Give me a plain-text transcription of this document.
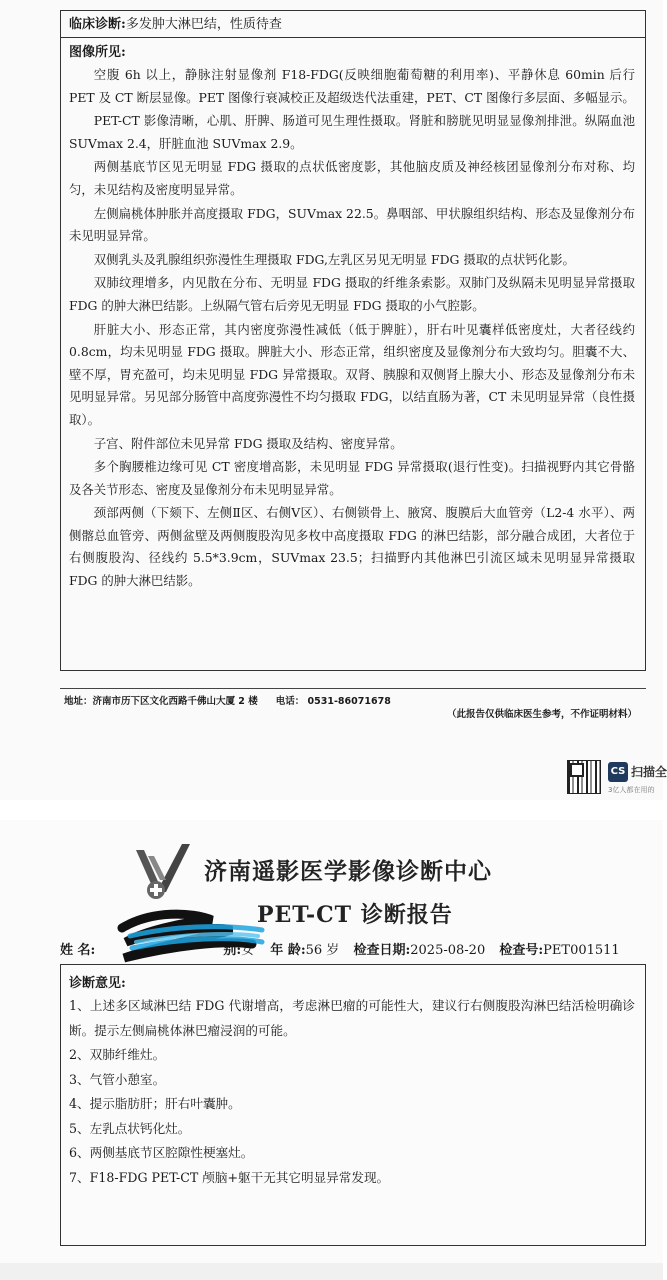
临床诊断:多发肿大淋巴结，性质待查
图像所见:

空腹 6h 以上，静脉注射显像剂 F18-FDG(反映细胞葡萄糖的利用率)、平静休息 60min 后行 PET 及 CT 断层显像。PET 图像行衰减校正及超级迭代法重建，PET、CT 图像行多层面、多幅显示。

PET-CT 影像清晰，心肌、肝脾、肠道可见生理性摄取。肾脏和膀胱见明显显像剂排泄。纵隔血池 SUVmax 2.4，肝脏血池 SUVmax 2.9。

两侧基底节区见无明显 FDG 摄取的点状低密度影，其他脑皮质及神经核团显像剂分布对称、均匀，未见结构及密度明显异常。

左侧扁桃体肿胀并高度摄取 FDG，SUVmax 22.5。鼻咽部、甲状腺组织结构、形态及显像剂分布未见明显异常。

双侧乳头及乳腺组织弥漫性生理摄取 FDG,左乳区另见无明显 FDG 摄取的点状钙化影。

双肺纹理增多，内见散在分布、无明显 FDG 摄取的纤维条索影。双肺门及纵隔未见明显异常摄取 FDG 的肿大淋巴结影。上纵隔气管右后旁见无明显 FDG 摄取的小气腔影。

肝脏大小、形态正常，其内密度弥漫性减低（低于脾脏），肝右叶见囊样低密度灶，大者径线约 0.8cm，均未见明显 FDG 摄取。脾脏大小、形态正常，组织密度及显像剂分布大致均匀。胆囊不大、壁不厚，胃充盈可，均未见明显 FDG 异常摄取。双肾、胰腺和双侧肾上腺大小、形态及显像剂分布未见明显异常。另见部分肠管中高度弥漫性不均匀摄取 FDG，以结直肠为著，CT 未见明显异常（良性摄取）。

子宫、附件部位未见异常 FDG 摄取及结构、密度异常。

多个胸腰椎边缘可见 CT 密度增高影，未见明显 FDG 异常摄取(退行性变)。扫描视野内其它骨骼及各关节形态、密度及显像剂分布未见明显异常。

颈部两侧（下颏下、左侧Ⅱ区、右侧Ⅴ区）、右侧锁骨上、腋窝、腹膜后大血管旁（L2-4 水平）、两侧髂总血管旁、两侧盆壁及两侧腹股沟见多枚中高度摄取 FDG 的淋巴结影，部分融合成团，大者位于右侧腹股沟、径线约 5.5*3.9cm，SUVmax 23.5；扫描野内其他淋巴引流区域未见明显异常摄取 FDG 的肿大淋巴结影。

地址：济南市历下区文化西路千佛山大厦 2 楼 电话： 0531-86071678
（此报告仅供临床医生参考，不作证明材料）
CS 扫描全
3亿人都在用的
济南遥影医学影像诊断中心
PET-CT 诊断报告
姓 名:	别:女 年 龄:56 岁 检查日期:2025-08-20 检查号:PET001511
诊断意见:
1、上述多区域淋巴结 FDG 代谢增高，考虑淋巴瘤的可能性大，建议行右侧腹股沟淋巴结活检明确诊断。提示左侧扁桃体淋巴瘤浸润的可能。
2、双肺纤维灶。
3、气管小憩室。
4、提示脂肪肝；肝右叶囊肿。
5、左乳点状钙化灶。
6、两侧基底节区腔隙性梗塞灶。
7、F18-FDG PET-CT 颅脑+躯干无其它明显异常发现。
